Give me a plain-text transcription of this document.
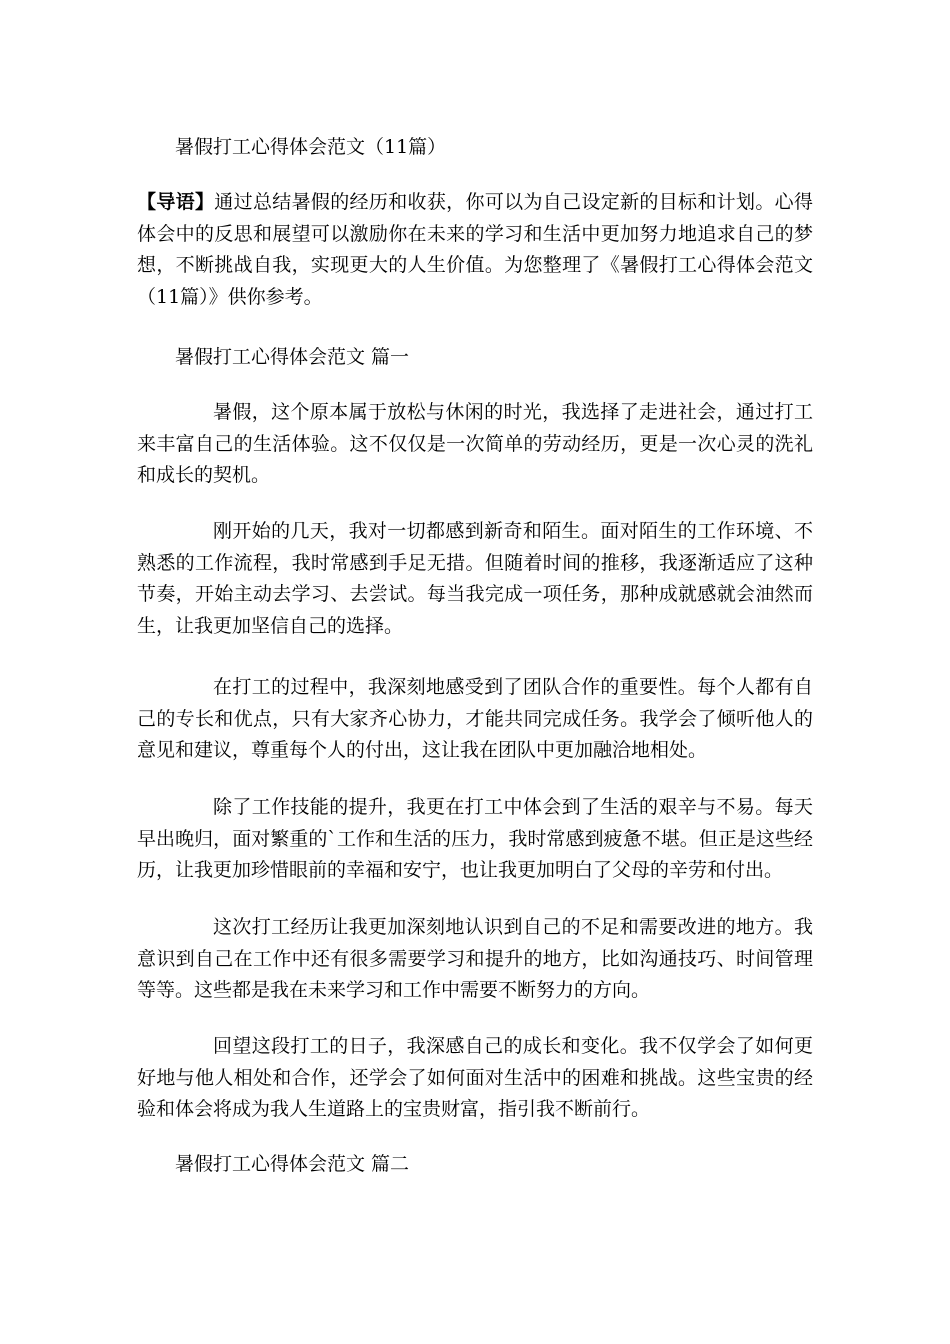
暑假打工心得体会范文（11篇）

【导语】通过总结暑假的经历和收获，你可以为自己设定新的目标和计划。心得体会中的反思和展望可以激励你在未来的学习和生活中更加努力地追求自己的梦想，不断挑战自我，实现更大的人生价值。为您整理了《暑假打工心得体会范文（11篇）》供你参考。

暑假打工心得体会范文 篇一

暑假，这个原本属于放松与休闲的时光，我选择了走进社会，通过打工来丰富自己的生活体验。这不仅仅是一次简单的劳动经历，更是一次心灵的洗礼和成长的契机。

刚开始的几天，我对一切都感到新奇和陌生。面对陌生的工作环境、不熟悉的工作流程，我时常感到手足无措。但随着时间的推移，我逐渐适应了这种节奏，开始主动去学习、去尝试。每当我完成一项任务，那种成就感就会油然而生，让我更加坚信自己的选择。

在打工的过程中，我深刻地感受到了团队合作的重要性。每个人都有自己的专长和优点，只有大家齐心协力，才能共同完成任务。我学会了倾听他人的意见和建议，尊重每个人的付出，这让我在团队中更加融洽地相处。

除了工作技能的提升，我更在打工中体会到了生活的艰辛与不易。每天早出晚归，面对繁重的`工作和生活的压力，我时常感到疲惫不堪。但正是这些经历，让我更加珍惜眼前的幸福和安宁，也让我更加明白了父母的辛劳和付出。

这次打工经历让我更加深刻地认识到自己的不足和需要改进的地方。我意识到自己在工作中还有很多需要学习和提升的地方，比如沟通技巧、时间管理等等。这些都是我在未来学习和工作中需要不断努力的方向。

回望这段打工的日子，我深感自己的成长和变化。我不仅学会了如何更好地与他人相处和合作，还学会了如何面对生活中的困难和挑战。这些宝贵的经验和体会将成为我人生道路上的宝贵财富，指引我不断前行。

暑假打工心得体会范文 篇二
